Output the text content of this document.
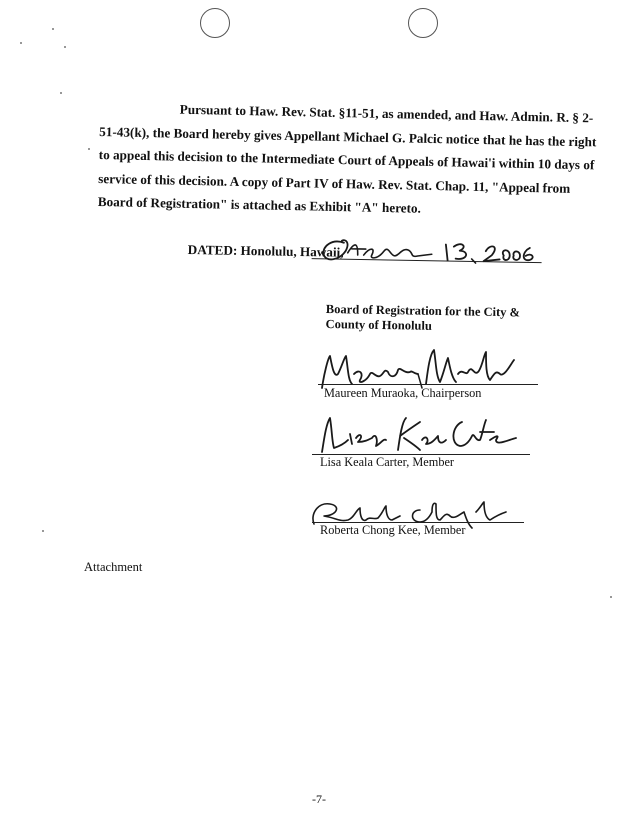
Pursuant to Haw. Rev. Stat. §11-51, as amended, and Haw. Admin. R. § 2-
51-43(k), the Board hereby gives Appellant Michael G. Palcic notice that he has the right
to appeal this decision to the Intermediate Court of Appeals of Hawai'i within 10 days of
service of this decision. A copy of Part IV of Haw. Rev. Stat. Chap. 11, "Appeal from
Board of Registration" is attached as Exhibit "A" hereto.
DATED: Honolulu, Hawaii,
Board of Registration for the City &
County of Honolulu
Maureen Muraoka, Chairperson
Lisa Keala Carter, Member
Roberta Chong Kee, Member
Attachment
-7-
